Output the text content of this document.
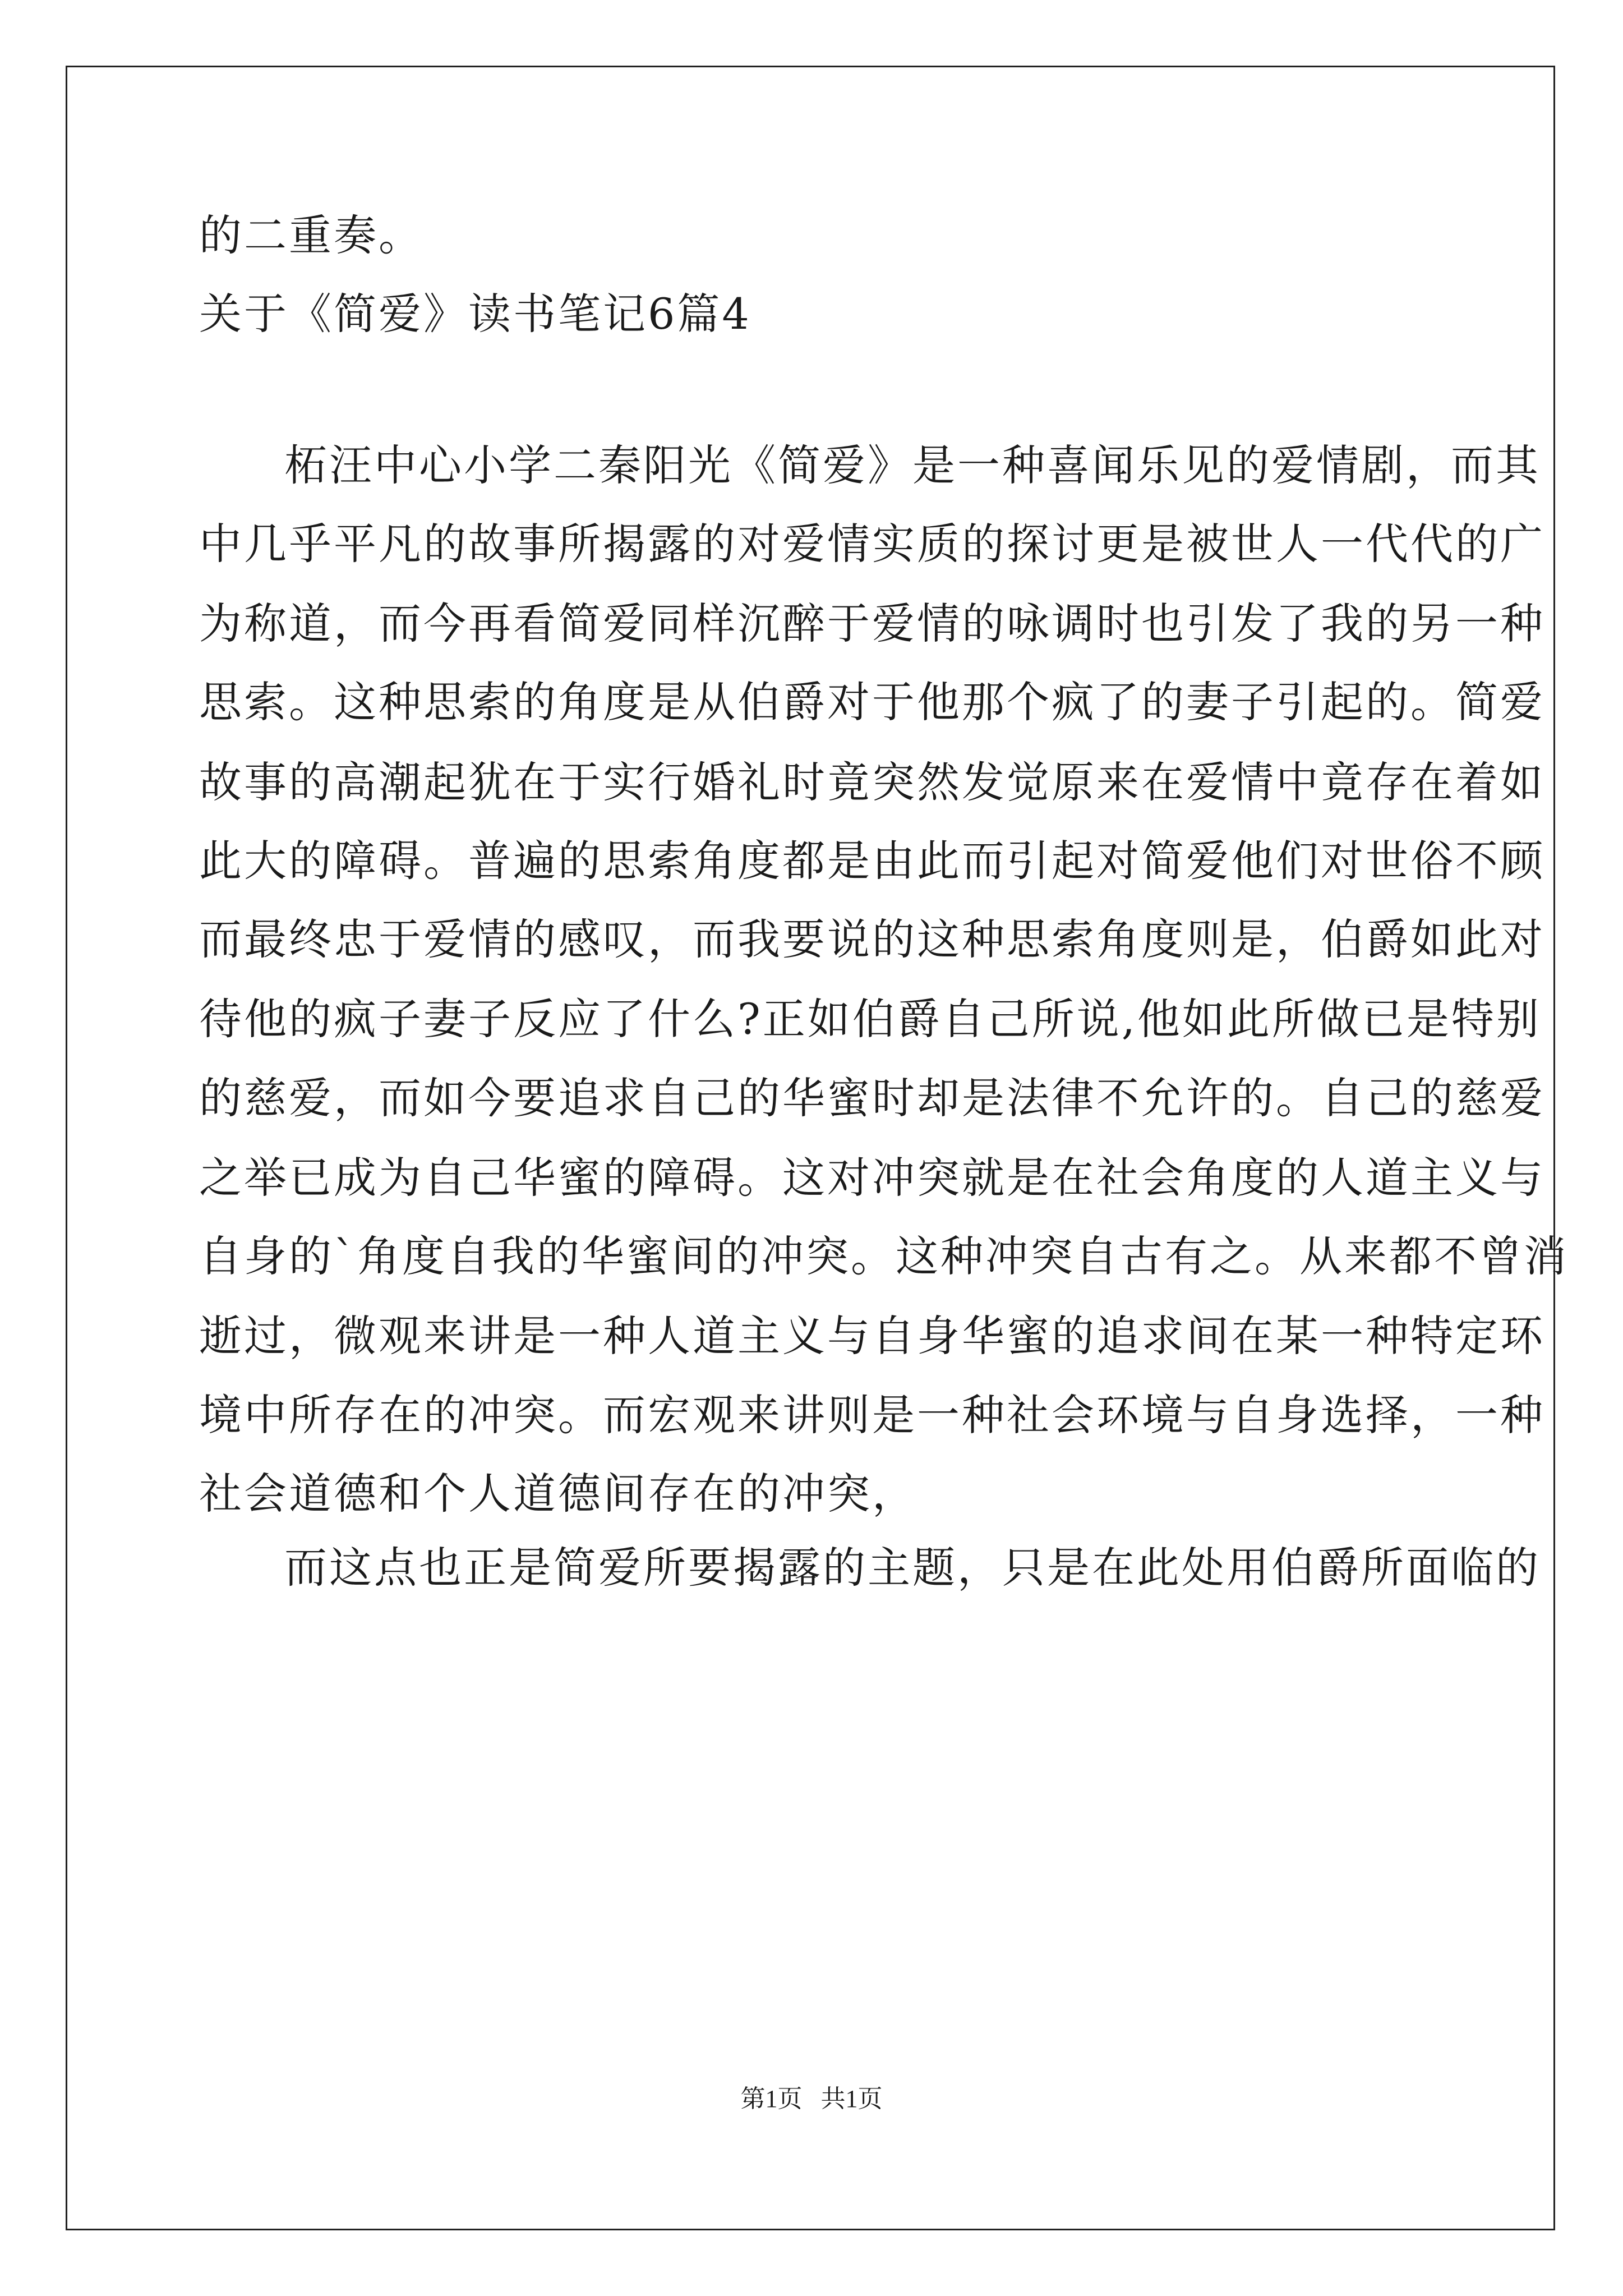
的二重奏。
关于《简爱》读书笔记6篇4
柘汪中心小学二秦阳光《简爱》是一种喜闻乐见的爱情剧，而其
中几乎平凡的故事所揭露的对爱情实质的探讨更是被世人一代代的广
为称道，而今再看简爱同样沉醉于爱情的咏调时也引发了我的另一种
思索。这种思索的角度是从伯爵对于他那个疯了的妻子引起的。简爱
故事的高潮起犹在于实行婚礼时竟突然发觉原来在爱情中竟存在着如
此大的障碍。普遍的思索角度都是由此而引起对简爱他们对世俗不顾
而最终忠于爱情的感叹，而我要说的这种思索角度则是，伯爵如此对
待他的疯子妻子反应了什么?正如伯爵自己所说,他如此所做已是特别
的慈爱，而如今要追求自己的华蜜时却是法律不允许的。自己的慈爱
之举已成为自己华蜜的障碍。这对冲突就是在社会角度的人道主义与
自身的`角度自我的华蜜间的冲突。这种冲突自古有之。从来都不曾消
逝过，微观来讲是一种人道主义与自身华蜜的追求间在某一种特定环
境中所存在的冲突。而宏观来讲则是一种社会环境与自身选择，一种
社会道德和个人道德间存在的冲突，
而这点也正是简爱所要揭露的主题，只是在此处用伯爵所面临的
第1页 共1页
